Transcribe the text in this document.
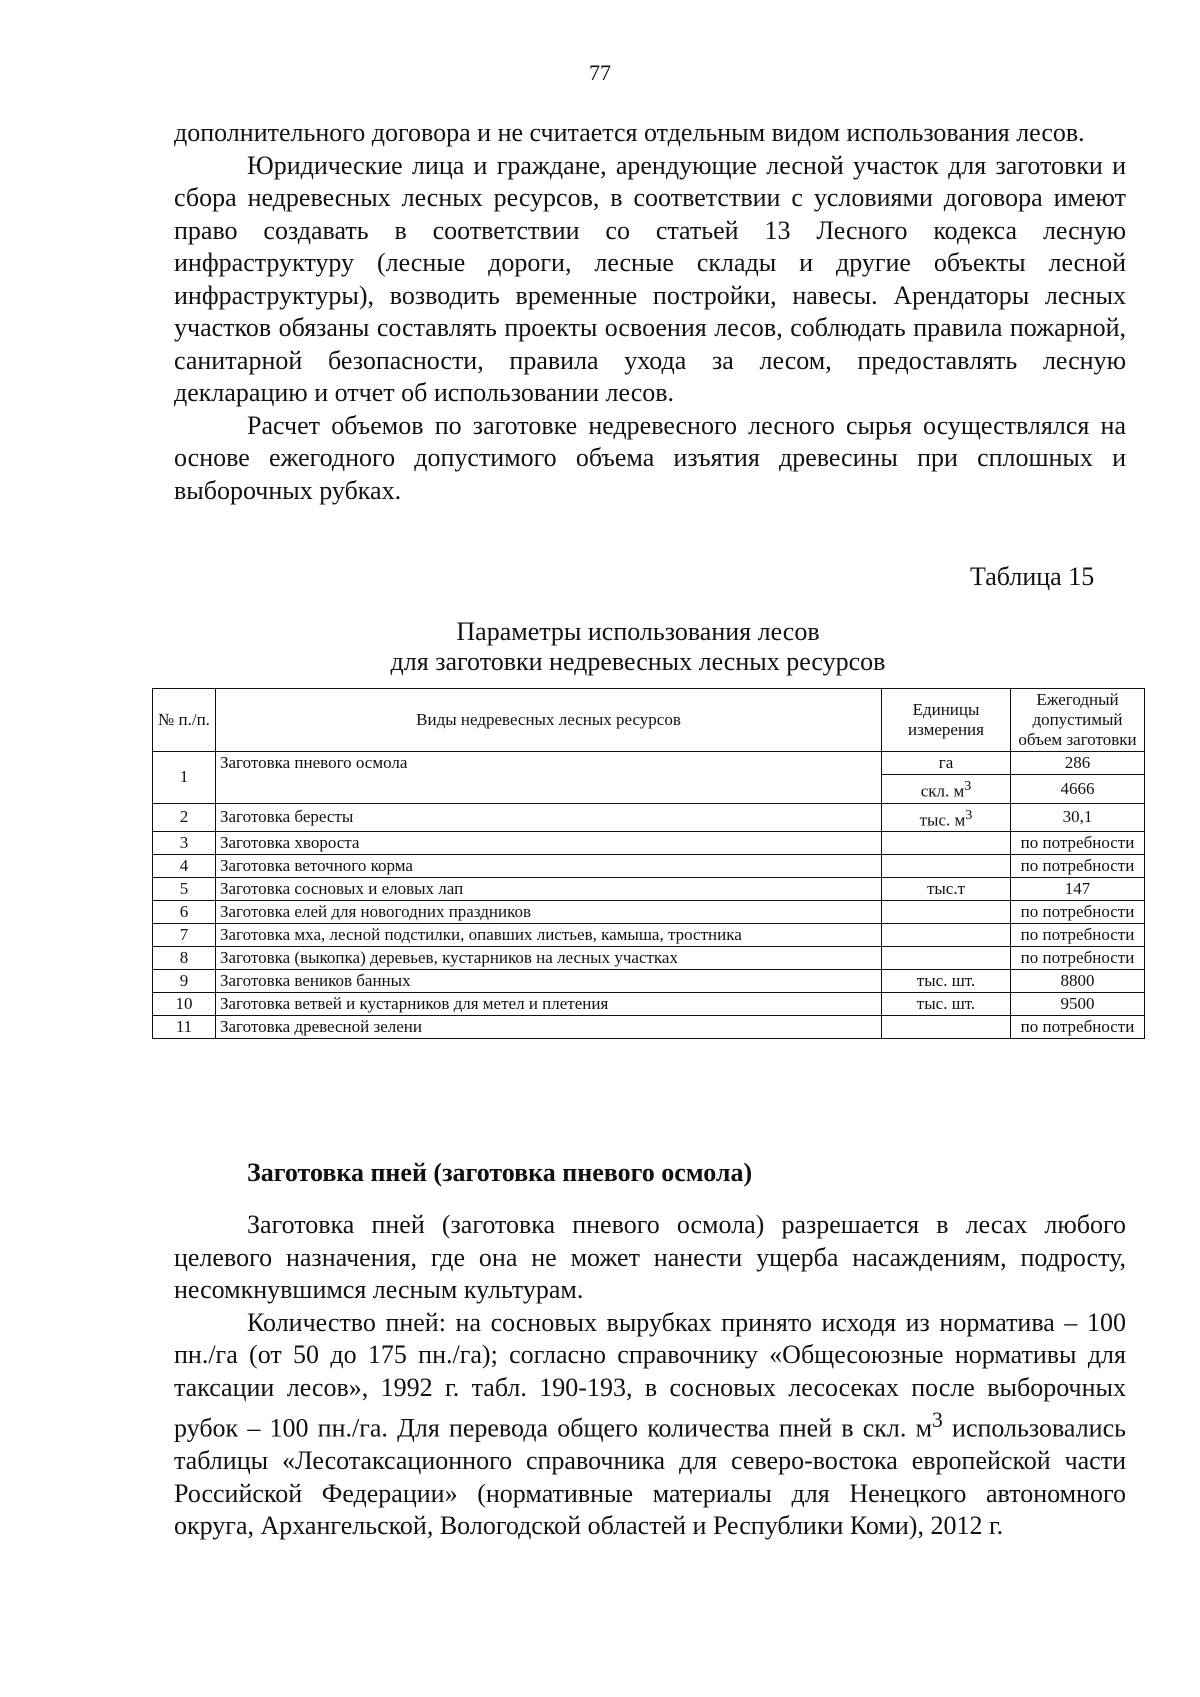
77

дополнительного договора и не считается отдельным видом использования лесов.

Юридические лица и граждане, арендующие лесной участок для заготовки и сбора недревесных лесных ресурсов, в соответствии с условиями договора имеют право создавать в соответствии со статьей 13 Лесного кодекса лесную инфраструктуру (лесные дороги, лесные склады и другие объекты лесной инфраструктуры), возводить временные постройки, навесы. Арендаторы лесных участков обязаны составлять проекты освоения лесов, соблюдать правила пожарной, санитарной безопасности, правила ухода за лесом, предоставлять лесную декларацию и отчет об использовании лесов.

Расчет объемов по заготовке недревесного лесного сырья осуществлялся на основе ежегодного допустимого объема изъятия древесины при сплошных и выборочных рубках.

Таблица 15
Параметры использования лесов
для заготовки недревесных лесных ресурсов
№ п./п.	Виды недревесных лесных ресурсов	Единицы измерения	Ежегодный допустимый объем заготовки
1	Заготовка пневого осмола	га	286
		скл. $м^3$	4666
2	Заготовка бересты	тыс. $м^3$	30,1
3	Заготовка хвороста		по потребности
4	Заготовка веточного корма		по потребности
5	Заготовка сосновых и еловых лап	тыс.т	147
6	Заготовка елей для новогодних праздников		по потребности
7	Заготовка мха, лесной подстилки, опавших листьев, камыша, тростника		по потребности
8	Заготовка (выкопка) деревьев, кустарников на лесных участках		по потребности
9	Заготовка веников банных	тыс. шт.	8800
10	Заготовка ветвей и кустарников для метел и плетения	тыс. шт.	9500
11	Заготовка древесной зелени		по потребности
Заготовка пней (заготовка пневого осмола)

Заготовка пней (заготовка пневого осмола) разрешается в лесах любого целевого назначения, где она не может нанести ущерба насаждениям, подросту, несомкнувшимся лесным культурам.

Количество пней: на сосновых вырубках принято исходя из норматива – 100 пн./га (от 50 до 175 пн./га); согласно справочнику «Общесоюзные нормативы для таксации лесов», 1992 г. табл. 190-193, в сосновых лесосеках после выборочных рубок – 100 пн./га. Для перевода общего количества пней в скл. $м^3$ использовались таблицы «Лесотаксационного справочника для северо-востока европейской части Российской Федерации» (нормативные материалы для Ненецкого автономного округа, Архангельской, Вологодской областей и Республики Коми), 2012 г.
